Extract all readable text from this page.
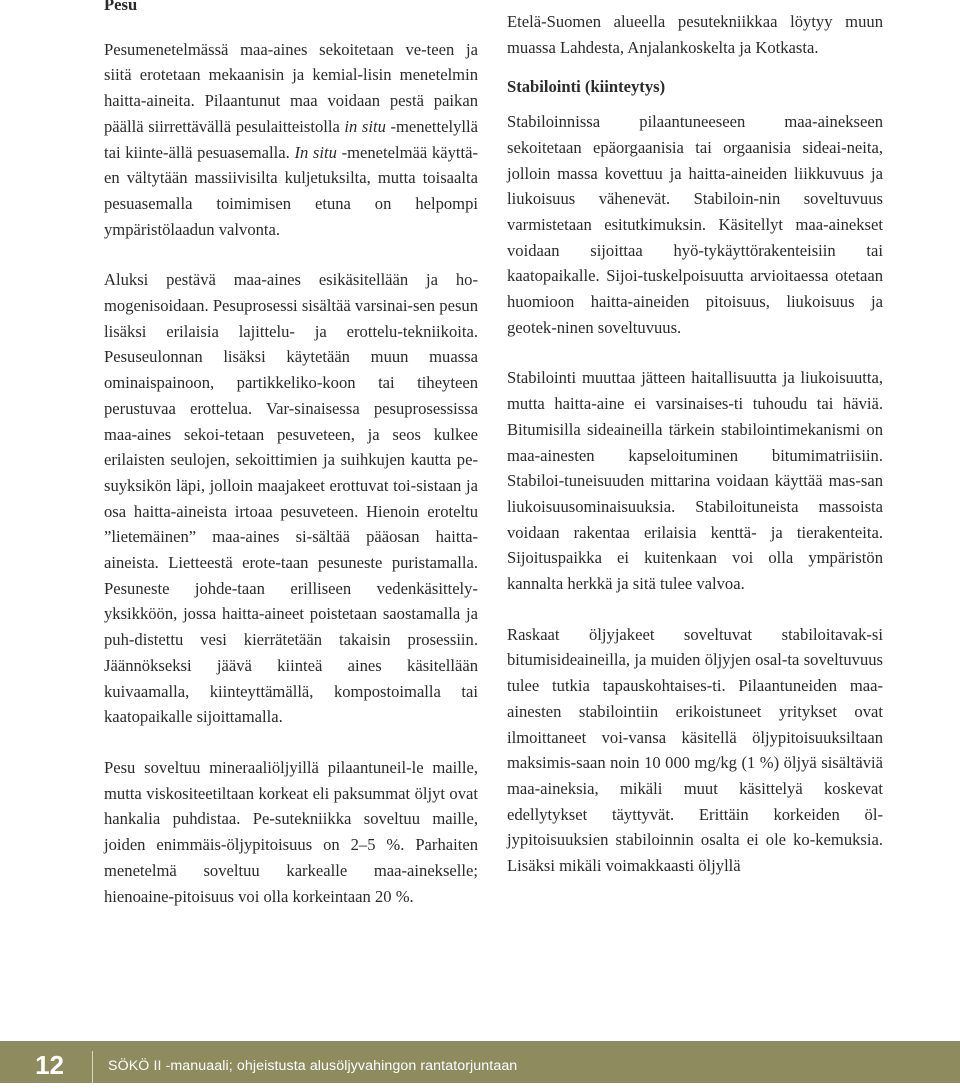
Pesu

Pesumenetelmässä maa-aines sekoitetaan ve-teen ja siitä erotetaan mekaanisin ja kemial-lisin menetelmin haitta-aineita. Pilaantunut maa voidaan pestä paikan päällä siirrettävällä pesulaitteistolla in situ -menettelyllä tai kiinte-ällä pesuasemalla. In situ -menetelmää käyttä-en vältytään massiivisilta kuljetuksilta, mutta toisaalta pesuasemalla toimimisen etuna on helpompi ympäristölaadun valvonta.

Aluksi pestävä maa-aines esikäsitellään ja ho-mogenisoidaan. Pesuprosessi sisältää varsinai-sen pesun lisäksi erilaisia lajittelu- ja erottelu-tekniikoita. Pesuseulonnan lisäksi käytetään muun muassa ominaispainoon, partikkeliko-koon tai tiheyteen perustuvaa erottelua. Var-sinaisessa pesuprosessissa maa-aines sekoi-tetaan pesuveteen, ja seos kulkee erilaisten seulojen, sekoittimien ja suihkujen kautta pe-suyksikön läpi, jolloin maajakeet erottuvat toi-sistaan ja osa haitta-aineista irtoaa pesuveteen. Hienoin eroteltu ”lietemäinen” maa-aines si-sältää pääosan haitta-aineista. Lietteestä erote-taan pesuneste puristamalla. Pesuneste johde-taan erilliseen vedenkäsittely-yksikköön, jossa haitta-aineet poistetaan saostamalla ja puh-distettu vesi kierrätetään takaisin prosessiin. Jäännökseksi jäävä kiinteä aines käsitellään kuivaamalla, kiinteyttämällä, kompostoimalla tai kaatopaikalle sijoittamalla.

Pesu soveltuu mineraaliöljyillä pilaantuneil-le maille, mutta viskositeetiltaan korkeat eli paksummat öljyt ovat hankalia puhdistaa. Pe-sutekniikka soveltuu maille, joiden enimmäis-öljypitoisuus on 2–5 %. Parhaiten menetelmä soveltuu karkealle maa-ainekselle; hienoaine-pitoisuus voi olla korkeintaan 20 %.

Etelä-Suomen alueella pesutekniikkaa löytyy muun muassa Lahdesta, Anjalankoskelta ja Kotkasta.

Stabilointi (kiinteytys)

Stabiloinnissa pilaantuneeseen maa-ainekseen sekoitetaan epäorgaanisia tai orgaanisia sideai-neita, jolloin massa kovettuu ja haitta-aineiden liikkuvuus ja liukoisuus vähenevät. Stabiloin-nin soveltuvuus varmistetaan esitutkimuksin. Käsitellyt maa-ainekset voidaan sijoittaa hyö-tykäyttörakenteisiin tai kaatopaikalle. Sijoi-tuskelpoisuutta arvioitaessa otetaan huomioon haitta-aineiden pitoisuus, liukoisuus ja geotek-ninen soveltuvuus.

Stabilointi muuttaa jätteen haitallisuutta ja liukoisuutta, mutta haitta-aine ei varsinaises-ti tuhoudu tai häviä. Bitumisilla sideaineilla tärkein stabilointimekanismi on maa-ainesten kapseloituminen bitumimatriisiin. Stabiloi-tuneisuuden mittarina voidaan käyttää mas-san liukoisuusominaisuuksia. Stabiloituneista massoista voidaan rakentaa erilaisia kenttä- ja tierakenteita. Sijoituspaikka ei kuitenkaan voi olla ympäristön kannalta herkkä ja sitä tulee valvoa.

Raskaat öljyjakeet soveltuvat stabiloitavak-si bitumisideaineilla, ja muiden öljyjen osal-ta soveltuvuus tulee tutkia tapauskohtaises-ti. Pilaantuneiden maa-ainesten stabilointiin erikoistuneet yritykset ovat ilmoittaneet voi-vansa käsitellä öljypitoisuuksiltaan maksimis-saan noin 10 000 mg/kg (1 %) öljyä sisältäviä maa-aineksia, mikäli muut käsittelyä koskevat edellytykset täyttyvät. Erittäin korkeiden öl-jypitoisuuksien stabiloinnin osalta ei ole ko-kemuksia. Lisäksi mikäli voimakkaasti öljyllä

12	SÖKÖ II -manuaali; ohjeistusta alusöljyvahingon rantatorjuntaan
